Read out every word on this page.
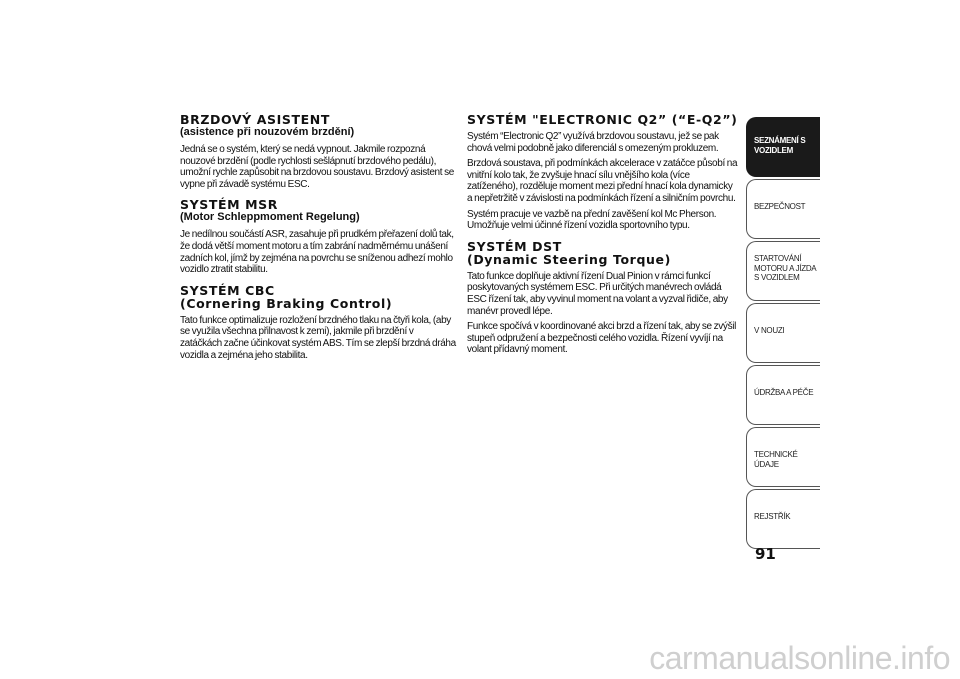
BRZDOVÝ ASISTENT
(asistence při nouzovém brzdění)

Jedná se o systém, který se nedá vypnout. Jakmile rozpozná nouzové brzdění (podle rychlosti sešlápnutí brzdového pedálu), umožní rychle zapůsobit na brzdovou soustavu. Brzdový asistent se vypne při závadě systému ESC.

SYSTÉM MSR
(Motor Schleppmoment Regelung)

Je nedílnou součástí ASR, zasahuje při prudkém přeřazení dolů tak, že dodá větší moment motoru a tím zabrání nadměrnému unášení zadních kol, jímž by zejména na povrchu se sníženou adhezí mohlo vozidlo ztratit stabilitu.

SYSTÉM CBC
(Cornering Braking Control)

Tato funkce optimalizuje rozložení brzdného tlaku na čtyři kola, (aby se využila všechna přilnavost k zemi), jakmile při brzdění v zatáčkách začne účinkovat systém ABS. Tím se zlepší brzdná dráha vozidla a zejména jeho stabilita.

SYSTÉM "ELECTRONIC Q2” (“E-Q2”)

Systém “Electronic Q2” využívá brzdovou soustavu, jež se pak chová velmi podobně jako diferenciál s omezeným prokluzem.

Brzdová soustava, při podmínkách akcelerace v zatáčce působí na vnitřní kolo tak, že zvyšuje hnací sílu vnějšího kola (více zatíženého), rozděluje moment mezi přední hnací kola dynamicky a nepřetržitě v závislosti na podmínkách řízení a silničním povrchu.

Systém pracuje ve vazbě na přední zavěšení kol Mc Pherson. Umožňuje velmi účinné řízení vozidla sportovního typu.

SYSTÉM DST
(Dynamic Steering Torque)

Tato funkce doplňuje aktivní řízení Dual Pinion v rámci funkcí poskytovaných systémem ESC. Při určitých manévrech ovládá ESC řízení tak, aby vyvinul moment na volant a vyzval řidiče, aby manévr provedl lépe.

Funkce spočívá v koordinované akci brzd a řízení tak, aby se zvýšil stupeň odpružení a bezpečnosti celého vozidla. Řízení vyvíjí na volant přídavný moment.

SEZNÁMENÍ S VOZIDLEM
BEZPEČNOST
STARTOVÁNÍ MOTORU A JÍZDA S VOZIDLEM
V NOUZI
ÚDRŽBA A PÉČE
TECHNICKÉ ÚDAJE
REJSTŘÍK
91
carmanualsonline.info
